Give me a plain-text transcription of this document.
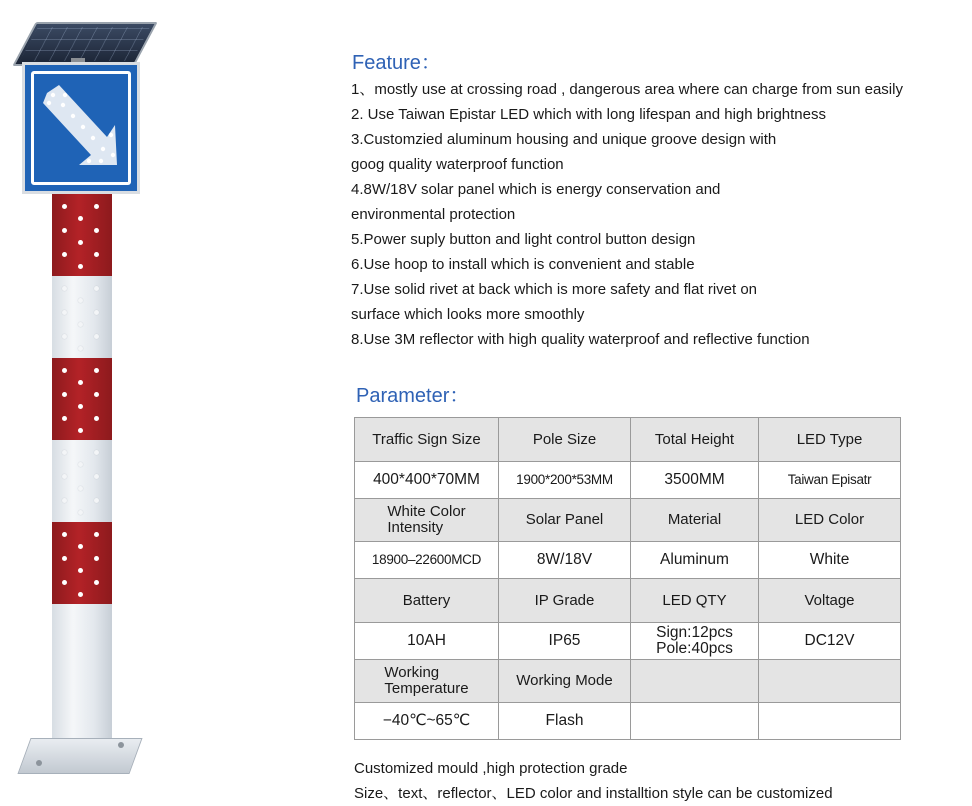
Feature：
1、mostly use at crossing road , dangerous area where can charge from sun easily
2. Use Taiwan Epistar LED which with long lifespan and high brightness
3.Customzied aluminum housing and unique groove design with
goog quality waterproof function
4.8W/18V solar panel which is energy conservation and
environmental protection
5.Power suply button and light control button design
6.Use hoop to install which is convenient and stable
7.Use solid rivet at back which is more safety and flat rivet on
surface which looks more smoothly
8.Use 3M reflector with high quality waterproof and reflective function
Parameter：
Traffic Sign Size	Pole Size	Total Height	LED Type
400*400*70MM	1900*200*53MM	3500MM	Taiwan Episatr

White Color
Intensity	Solar Panel	Material	LED Color
18900–22600MCD	8W/18V	Aluminum	White
Battery	IP Grade	LED QTY	Voltage
10AH	IP65	Sign:12pcs
Pole:40pcs	DC12V

Working
Temperature	Working Mode		
−40℃~65℃	Flash		

Customized mould ,high protection grade

Size、text、reflector、LED color and installtion style can be customized
